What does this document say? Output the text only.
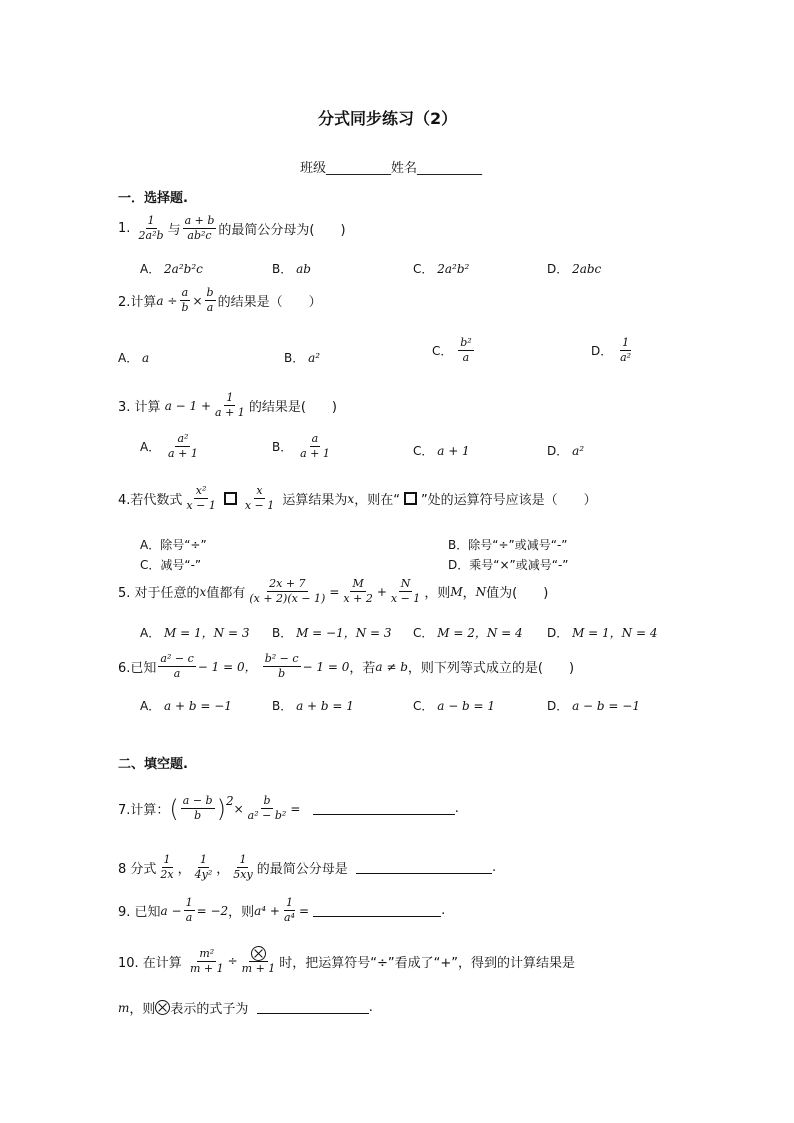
分式同步练习（2）
班级__________姓名__________
一．选择题.
1.
$\frac{1}{\text{2a²b}}$ 与 $\frac{a + b}{\text{ab²c}}$ 的最简公分母为(　　)
A．
2a²b²c	B．
ab	C．
2a²b²	D．
2abc
2.计算 $a \div \frac{a}{b} \times \frac{b}{a}$ 的结果是（　　）
A．
a	B．
a²	C．
$\frac{\text{b²}}{a}$	D．
$\frac{1}{\text{a²}}$
3. 计算
$a - 1 + \frac{1}{a + 1}$ 的结果是(　　)
A．
$\frac{\text{a²}}{a + 1}$	B．
$\frac{a}{a + 1}$	C．
a + 1	D．
a²
4.若代数式 $\frac{\text{x²}}{x - 1} \frac{x}{x - 1}$
运算结果为 x ，则在“ ”处的运算符号应该是（　　）
A．除号“÷”	B．除号“÷”或减号“-”
C．减号“-”	D．乘号“×”或减号“-”
5. 对于任意的 x 值都有 $\frac{2x + 7}{(x + 2)(x - 1)} = \frac{M}{x + 2} + \frac{N}{x - 1}$ ，则 M ， N 值为(　　)
A．
M = 1，N = 3 B．
M = −1，N = 3 C．
M = 2，N = 4 D．
M = 1，N = 4
6.已知 $\frac{\text{a² − c}}{a} - 1 = 0$，
$\frac{\text{b² − c}}{b} - 1 = 0$ ，若 a ≠ b ，则下列等式成立的是(　　)
A．
a + b = −1	B．
a + b = 1	C．
a − b = 1	D．
a − b = −1
二、填空题.
7.计算： ( $\frac{a - b}{b}$ ) 2
× $\frac{b}{\text{a² − b²}}$ =
	.
8 分式 $\frac{1}{2x}$ ， $\frac{1}{\text{4y²}}$ ， $\frac{1}{5xy}$ 的最简公分母是
	.
9. 已知 $a - \frac{1}{a} = -2$ ，则 $a^4 + \frac{1}{\text{a⁴}}$ =
	.
10. 在计算
$\frac{\text{m²}}{m + 1}$ ÷
m + 1 时，把运算符号“÷”看成了“+”，得到的计算结果是
m ，则 表示的式子为
	.
